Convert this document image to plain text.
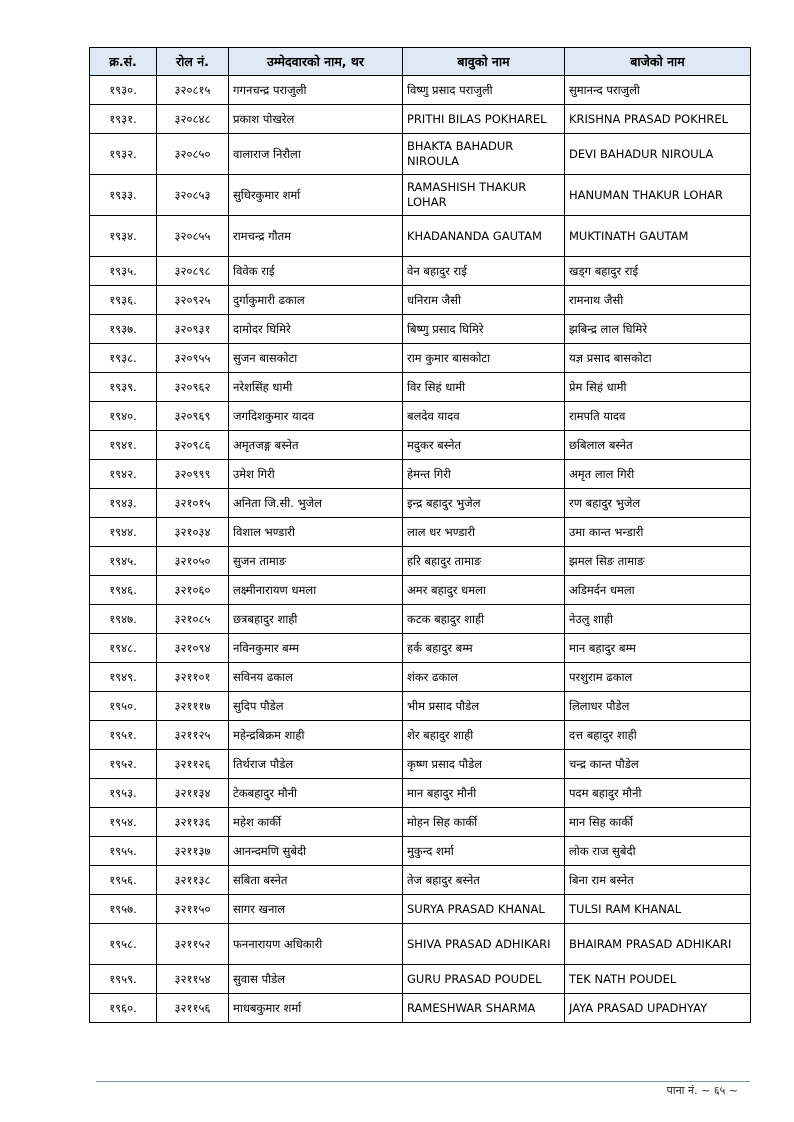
क्र.सं.	रोल नं.	उम्मेदवारको नाम, थर	बावुको नाम	बाजेको नाम
१९३०.	३२०८१५	गगनचन्द्र पराजुली	विष्णु प्रसाद पराजुली	सुमानन्द पराजुली
१९३१.	३२०८४८	प्रकाश पोखरेल	PRITHI BILAS POKHAREL	KRISHNA PRASAD POKHREL
१९३२.	३२०८५०	वालाराज निरौला	BHAKTA BAHADUR NIROULA	DEVI BAHADUR NIROULA
१९३३.	३२०८५३	सुधिरकुमार शर्मा	RAMASHISH THAKUR LOHAR	HANUMAN THAKUR LOHAR
१९३४.	३२०८५५	रामचन्द्र गौतम	KHADANANDA GAUTAM	MUKTINATH GAUTAM
१९३५.	३२०८९८	विवेक राई	वेन बहादुर राई	खड्ग बहादुर राई
१९३६.	३२०९२५	दुर्गाकुमारी ढकाल	धनिराम जैसी	रामनाथ जैसी
१९३७.	३२०९३१	दामोदर घिमिरे	बिष्णु प्रसाद घिमिरे	झबिन्द्र लाल घिमिरे
१९३८.	३२०९५५	सुजन बासकोटा	राम कुमार बासकोटा	यज्ञ प्रसाद बासकोटा
१९३९.	३२०९६२	नरेशसिंह धामी	विर सिहं धामी	प्रेम सिहं धामी
१९४०.	३२०९६९	जगदिशकुमार यादव	बलदेव यादव	रामपति यादव
१९४१.	३२०९८६	अमृतजङ्ग बस्नेत	मदुकर बस्नेत	छबिलाल बस्नेत
१९४२.	३२०९९९	उमेश गिरी	हेमन्त गिरी	अमृत लाल गिरी
१९४३.	३२१०१५	अनिता जि.सी. भुजेल	इन्द्र बहादुर भुजेल	रण बहादुर भुजेल
१९४४.	३२१०३४	विशाल भण्डारी	लाल धर भण्डारी	उमा कान्त भन्डारी
१९४५.	३२१०५०	सुजन तामाङ	हरि बहादुर तामाङ	झमल सिङ तामाङ
१९४६.	३२१०६०	लक्ष्मीनारायण धमला	अमर बहादुर धमला	अडिमर्दन धमला
१९४७.	३२१०८५	छत्रबहादुर शाही	कटक बहादुर शाही	नेउलु शाही
१९४८.	३२१०९४	नविनकुमार बम्म	हर्क बहादुर बम्म	मान बहादुर बम्म
१९४९.	३२११०१	सविनय ढकाल	शंकर ढकाल	परशुराम ढकाल
१९५०.	३२१११७	सुदिप पौडेल	भीम प्रसाद पौडेल	लिलाधर पौडेल
१९५१.	३२११२५	महेन्द्रबिक्रम शाही	शेर बहादुर शाही	दत्त बहादुर शाही
१९५२.	३२११२६	तिर्थराज पौडेल	कृष्ण प्रसाद पौडेल	चन्द्र कान्त पौडेल
१९५३.	३२११३४	टेकबहादुर मौनी	मान बहादुर मौनी	पदम बहादुर मौनी
१९५४.	३२११३६	महेश कार्की	मोहन सिह कार्की	मान सिह कार्की
१९५५.	३२११३७	आनन्दमणि सुबेदी	मुकुन्द शर्मा	लोक राज सुबेदी
१९५६.	३२११३८	सबिता बस्नेत	तेज बहादुर बस्नेत	बिना राम बस्नेत
१९५७.	३२११५०	सागर खनाल	SURYA PRASAD KHANAL	TULSI RAM KHANAL
१९५८.	३२११५२	फननारायण अधिकारी	SHIVA PRASAD ADHIKARI	BHAIRAM PRASAD ADHIKARI
१९५९.	३२११५४	सुवास पौडेल	GURU PRASAD POUDEL	TEK NATH POUDEL
१९६०.	३२११५६	माधबकुमार शर्मा	RAMESHWAR SHARMA	JAYA PRASAD UPADHYAY
पाना नं. ~ ६५ ~
